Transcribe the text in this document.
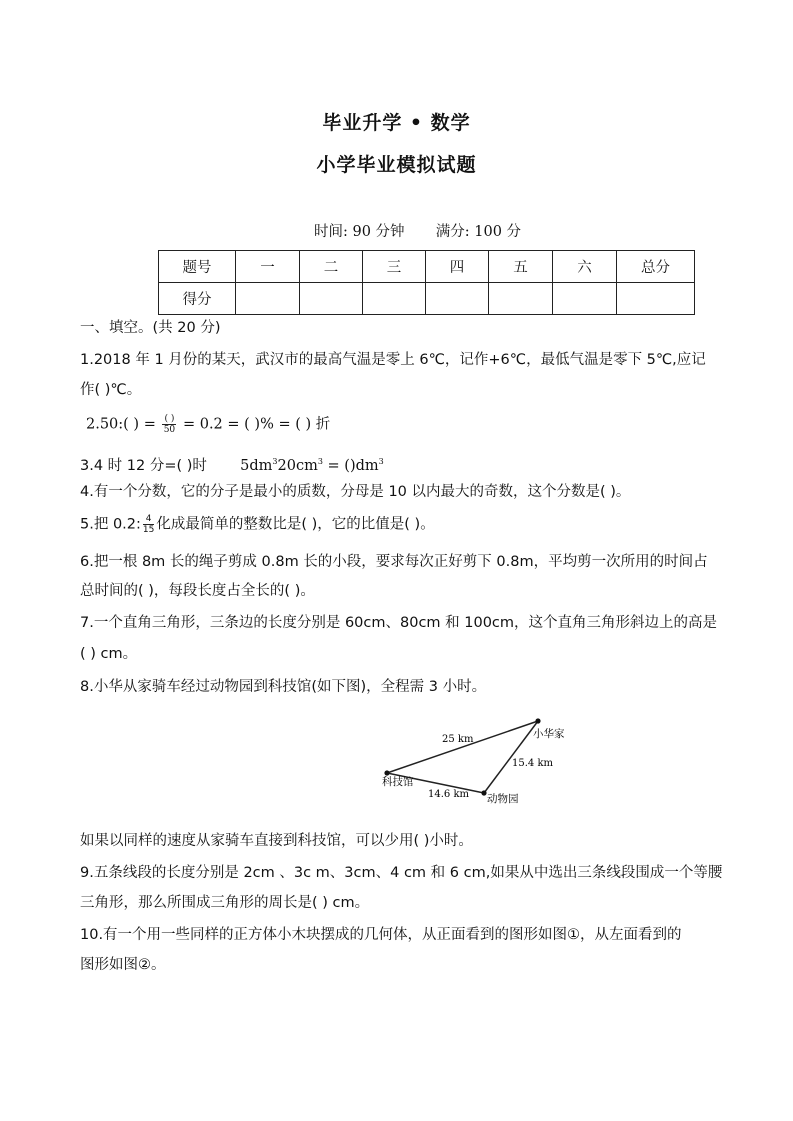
毕业升学 • 数学
小学毕业模拟试题
时间: 90 分钟 满分: 100 分
题号	一	二	三	四	五	六	总分
得分							
一、填空。(共 20 分)
1.2018 年 1 月份的某天，武汉市的最高气温是零上 6℃，记作+6℃，最低气温是零下 5℃,应记
作( )℃。
2.50:( ) = $\frac{( )}{50} = 0.2$ = ( )% = ( ) 折
3.4 时 12 分=( )时 $5dm^320cm^3 = ()dm^3$
4.有一个分数，它的分子是最小的质数，分母是 10 以内最大的奇数，这个分数是( )。
5.把 0.2: $\frac{4}{15}$ 化成最简单的整数比是( )，它的比值是( )。
6.把一根 8m 长的绳子剪成 0.8m 长的小段，要求每次正好剪下 0.8m，平均剪一次所用的时间占
总时间的( )，每段长度占全长的( )。
7.一个直角三角形，三条边的长度分别是 60cm、80cm 和 100cm，这个直角三角形斜边上的高是
( ) cm。
8.小华从家骑车经过动物园到科技馆(如下图)，全程需 3 小时。
25 km
15.4 km
14.6 km
小华家
科技馆
动物园
如果以同样的速度从家骑车直接到科技馆，可以少用( )小时。
9.五条线段的长度分别是 2cm 、3c m、3cm、4 cm 和 6 cm,如果从中选出三条线段围成一个等腰
三角形，那么所围成三角形的周长是( ) cm。
10.有一个用一些同样的正方体小木块摆成的几何体，从正面看到的图形如图①，从左面看到的
图形如图②。
